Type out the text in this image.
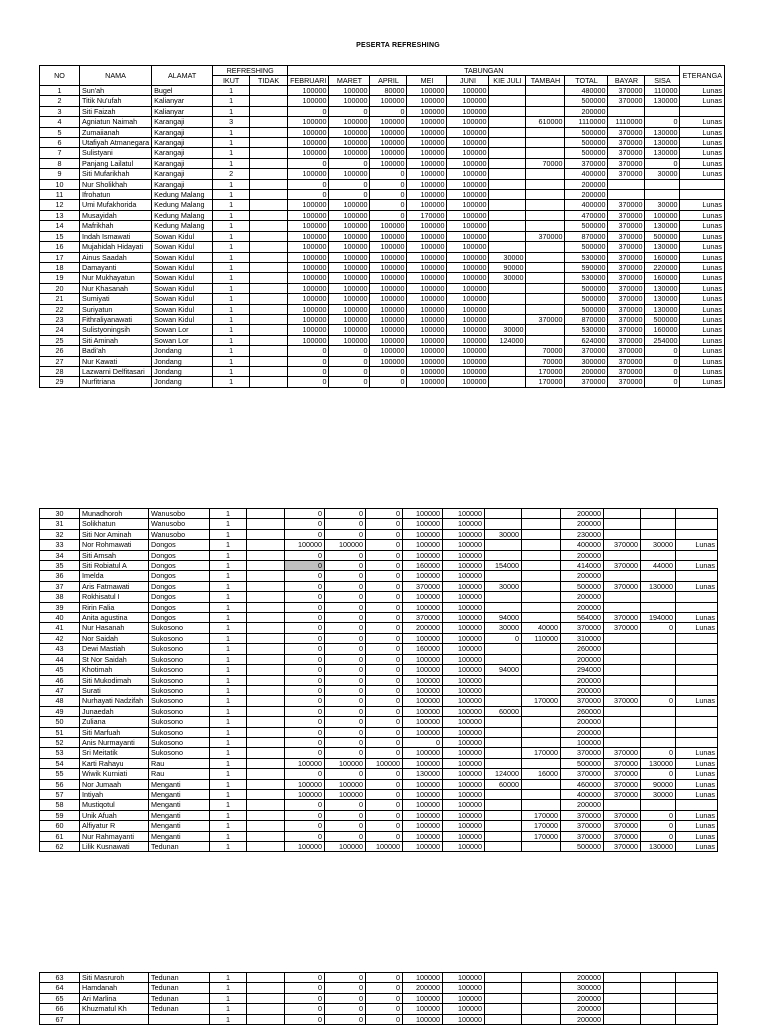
PESERTA REFRESHING
NO	NAMA	ALAMAT	REFRESHING		TABUNGAN										ETERANGA
			IKUT	TIDAK	FEBRUARI	MARET	APRIL	MEI	JUNI	KIE JULI	TAMBAH	TOTAL	BAYAR	SISA	
1	Sun'ah	Bugel	1		100000	100000	80000	100000	100000			480000	370000	110000	Lunas
2	Titik Nu'ufah	Kalianyar	1		100000	100000	100000	100000	100000			500000	370000	130000	Lunas
3	Siti Faizah	Kalianyar	1		0	0	0	100000	100000			200000			
4	Agniatun Naimah	Karangaji	3		100000	100000	100000	100000	100000		610000	1110000	1110000	0	Lunas
5	Zumaiianah	Karangaji	1		100000	100000	100000	100000	100000			500000	370000	130000	Lunas
6	Utafiyah Atmanegara	Karangaji	1		100000	100000	100000	100000	100000			500000	370000	130000	Lunas
7	Sulistyani	Karangaji	1		100000	100000	100000	100000	100000			500000	370000	130000	Lunas
8	Panjang Lailatul	Karangaji	1		0	0	100000	100000	100000		70000	370000	370000	0	Lunas
9	Siti Mufarikhah	Karangaji	2		100000	100000	0	100000	100000			400000	370000	30000	Lunas
10	Nur Sholikhah	Karangaji	1		0	0	0	100000	100000			200000			
11	Ifrohatun	Kedung Malang	1		0	0	0	100000	100000			200000			
12	Umi Mufakhorida	Kedung Malang	1		100000	100000	0	100000	100000			400000	370000	30000	Lunas
13	Musayidah	Kedung Malang	1		100000	100000	0	170000	100000			470000	370000	100000	Lunas
14	Mafrikhah	Kedung Malang	1		100000	100000	100000	100000	100000			500000	370000	130000	Lunas
15	Indah Ismawati	Sowan Kidul	1		100000	100000	100000	100000	100000		370000	870000	370000	500000	Lunas
16	Mujahidah Hidayati	Sowan Kidul	1		100000	100000	100000	100000	100000			500000	370000	130000	Lunas
17	Ainus Saadah	Sowan Kidul	1		100000	100000	100000	100000	100000	30000		530000	370000	160000	Lunas
18	Damayanti	Sowan Kidul	1		100000	100000	100000	100000	100000	90000		590000	370000	220000	Lunas
19	Nur Mukhayatun	Sowan Kidul	1		100000	100000	100000	100000	100000	30000		530000	370000	160000	Lunas
20	Nur Khasanah	Sowan Kidul	1		100000	100000	100000	100000	100000			500000	370000	130000	Lunas
21	Sumiyati	Sowan Kidul	1		100000	100000	100000	100000	100000			500000	370000	130000	Lunas
22	Suriyatun	Sowan Kidul	1		100000	100000	100000	100000	100000			500000	370000	130000	Lunas
23	Fithraliyanawati	Sowan Kidul	1		100000	100000	100000	100000	100000		370000	870000	370000	500000	Lunas
24	Sulistyoningsih	Sowan Lor	1		100000	100000	100000	100000	100000	30000		530000	370000	160000	Lunas
25	Siti Aminah	Sowan Lor	1		100000	100000	100000	100000	100000	124000		624000	370000	254000	Lunas
26	Badi'ah	Jondang	1		0	0	100000	100000	100000		70000	370000	370000	0	Lunas
27	Nur Kawati	Jondang	1		0	0	100000	100000	100000		70000	300000	370000	0	Lunas
28	Lazwarni Delfitasari	Jondang	1		0	0	0	100000	100000		170000	200000	370000	0	Lunas
29	Nurfitriana	Jondang	1		0	0	0	100000	100000		170000	370000	370000	0	Lunas
30	Munadhoroh	Wanusobo	1		0	0	0	100000	100000			200000			
31	Solikhatun	Wanusobo	1		0	0	0	100000	100000			200000			
32	Siti Nor Aminah	Wanusobo	1		0	0	0	100000	100000	30000		230000			
33	Nor Rohmawati	Dongos	1		100000	100000	0	100000	100000			400000	370000	30000	Lunas
34	Siti Amsah	Dongos	1		0	0	0	100000	100000			200000			
35	Siti Robiatul A	Dongos	1		0	0	0	160000	100000	154000		414000	370000	44000	Lunas
36	Imelda	Dongos	1		0	0	0	100000	100000			200000			
37	Aris Fatmawati	Dongos	1		0	0	0	370000	100000	30000		500000	370000	130000	Lunas
38	Rokhisatul I	Dongos	1		0	0	0	100000	100000			200000			
39	Ririn Falia	Dongos	1		0	0	0	100000	100000			200000			
40	Anita agustina	Dongos	1		0	0	0	370000	100000	94000		564000	370000	194000	Lunas
41	Nur Hasanah	Sukosono	1		0	0	0	200000	100000	30000	40000	370000	370000	0	Lunas
42	Nor Saidah	Sukosono	1		0	0	0	100000	100000	0	110000	310000			
43	Dewi Mastiah	Sukosono	1		0	0	0	160000	100000			260000			
44	St Nor Saidah	Sukosono	1		0	0	0	100000	100000			200000			
45	Khotimah	Sukosono	1		0	0	0	100000	100000	94000		294000			
46	Siti Mukodimah	Sukosono	1		0	0	0	100000	100000			200000			
47	Surati	Sukosono	1		0	0	0	100000	100000			200000			
48	Nurhayati Nadzifah	Sukosono	1		0	0	0	100000	100000		170000	370000	370000	0	Lunas
49	Junaedah	Sukosono	1		0	0	0	100000	100000	60000		260000			
50	Zuliana	Sukosono	1		0	0	0	100000	100000			200000			
51	Siti Marfuah	Sukosono	1		0	0	0	100000	100000			200000			
52	Anis Nurmayanti	Sukosono	1		0	0	0	0	100000			100000			
53	Sri Meitatik	Sukosono	1		0	0	0	100000	100000		170000	370000	370000	0	Lunas
54	Karti Rahayu	Rau	1		100000	100000	100000	100000	100000			500000	370000	130000	Lunas
55	Wiwik Kurniati	Rau	1		0	0	0	130000	100000	124000	16000	370000	370000	0	Lunas
56	Nor Jumaah	Menganti	1		100000	100000	0	100000	100000	60000		460000	370000	90000	Lunas
57	Intiyah	Menganti	1		100000	100000	0	100000	100000			400000	370000	30000	Lunas
58	Mustiqotul	Menganti	1		0	0	0	100000	100000			200000			
59	Unik Afuah	Menganti	1		0	0	0	100000	100000		170000	370000	370000	0	Lunas
60	Alfiyatur R	Menganti	1		0	0	0	100000	100000		170000	370000	370000	0	Lunas
61	Nur Rahmayanti	Menganti	1		0	0	0	100000	100000		170000	370000	370000	0	Lunas
62	Lilik Kusnawati	Tedunan	1		100000	100000	100000	100000	100000			500000	370000	130000	Lunas
63	Siti Masruroh	Tedunan	1		0	0	0	100000	100000			200000			
64	Hamdanah	Tedunan	1		0	0	0	200000	100000			300000			
65	Ari Marlina	Tedunan	1		0	0	0	100000	100000			200000			
66	Khuzmatul Kh	Tedunan	1		0	0	0	100000	100000			200000			
67			1		0	0	0	100000	100000			200000			
